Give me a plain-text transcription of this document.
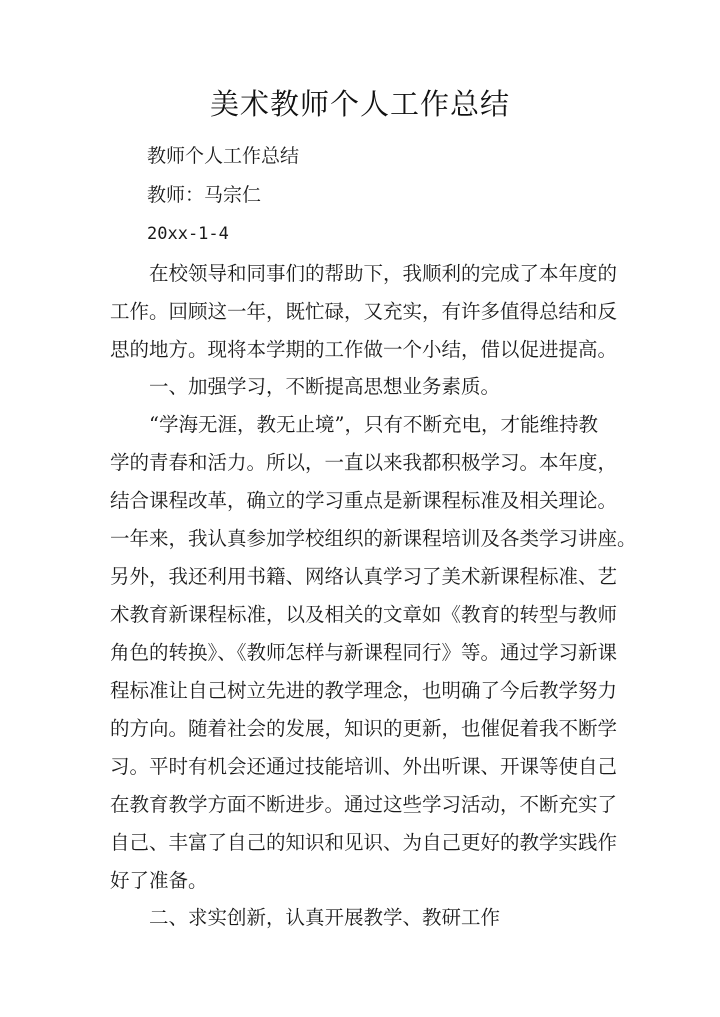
美术教师个人工作总结
教师个人工作总结
教师：马宗仁
20xx-1-4
在校领导和同事们的帮助下，我顺利的完成了本年度的
工作。回顾这一年，既忙碌，又充实，有许多值得总结和反
思的地方。现将本学期的工作做一个小结，借以促进提高。
一、加强学习，不断提高思想业务素质。
“学海无涯，教无止境”，只有不断充电，才能维持教
学的青春和活力。所以，一直以来我都积极学习。本年度，
结合课程改革，确立的学习重点是新课程标准及相关理论。
一年来，我认真参加学校组织的新课程培训及各类学习讲座。
另外，我还利用书籍、网络认真学习了美术新课程标准、艺
术教育新课程标准，以及相关的文章如《教育的转型与教师
角色的转换》、《教师怎样与新课程同行》等。通过学习新课
程标准让自己树立先进的教学理念，也明确了今后教学努力
的方向。随着社会的发展，知识的更新，也催促着我不断学
习。平时有机会还通过技能培训、外出听课、开课等使自己
在教育教学方面不断进步。通过这些学习活动，不断充实了
自己、丰富了自己的知识和见识、为自己更好的教学实践作
好了准备。
二、求实创新，认真开展教学、教研工作
